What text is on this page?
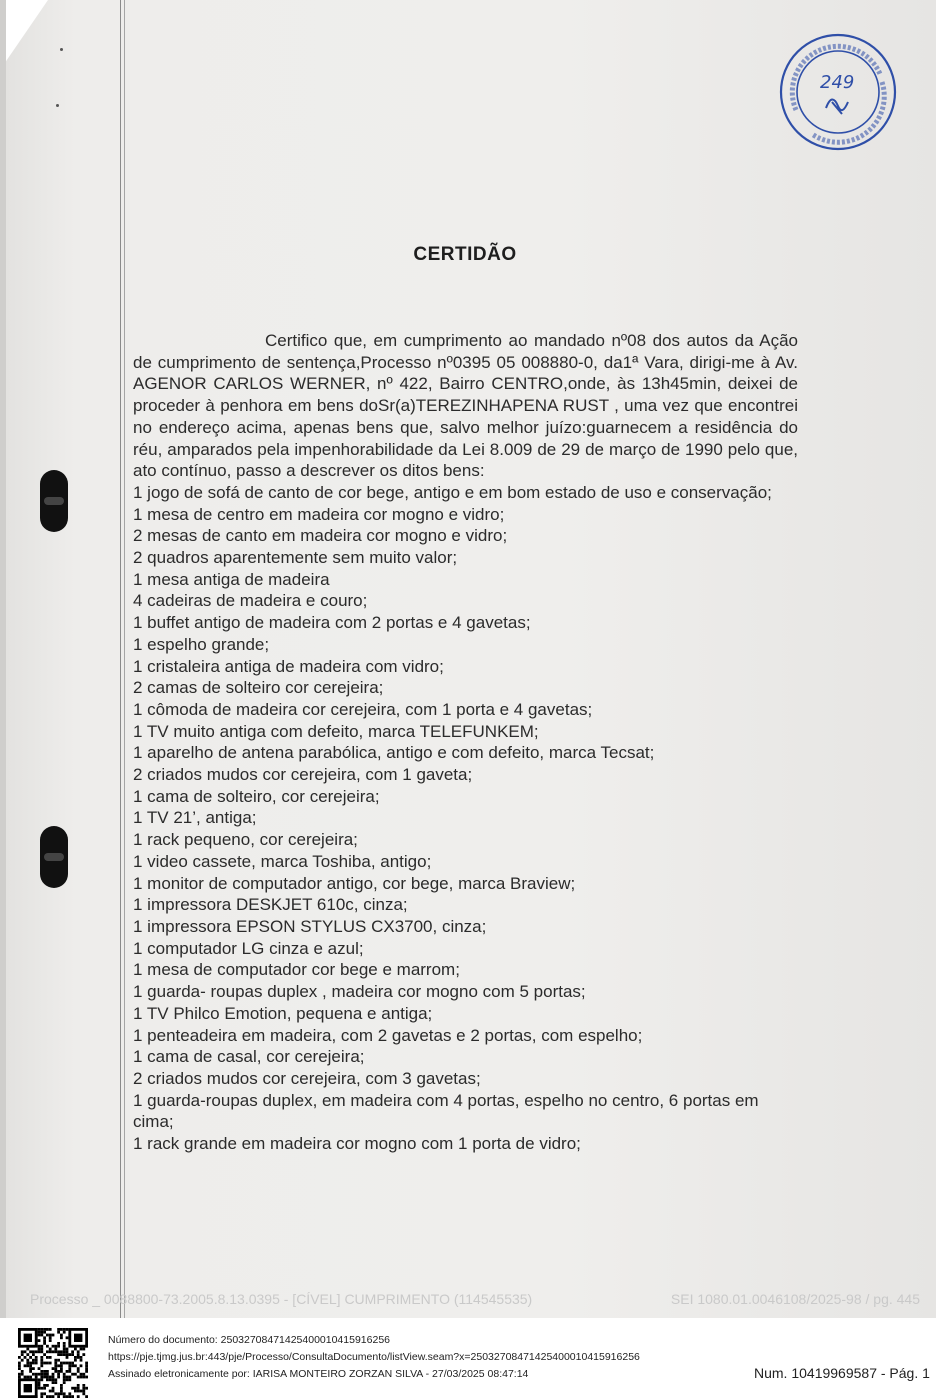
249
CERTIDÃO

Certifico que, em cumprimento ao mandado nº08 dos autos da Ação de cumprimento de sentença,Processo nº0395 05 008880-0, da1ª Vara, dirigi-me à Av. AGENOR CARLOS WERNER, nº 422, Bairro CENTRO,onde, às 13h45min, deixei de proceder à penhora em bens doSr(a)TEREZINHAPENA RUST , uma vez que encontrei no endereço acima, apenas bens que, salvo melhor juízo:guarnecem a residência do réu, amparados pela impenhorabilidade da Lei 8.009 de 29 de março de 1990 pelo que, ato contínuo, passo a descrever os ditos bens:

1 jogo de sofá de canto de cor bege, antigo e em bom estado de uso e conservação;
1 mesa de centro em madeira cor mogno e vidro;
2 mesas de canto em madeira cor mogno e vidro;
2 quadros aparentemente sem muito valor;
1 mesa antiga de madeira
4 cadeiras de madeira e couro;
1 buffet antigo de madeira com 2 portas e 4 gavetas;
1 espelho grande;
1 cristaleira antiga de madeira com vidro;
2 camas de solteiro cor cerejeira;
1 cômoda de madeira cor cerejeira, com 1 porta e 4 gavetas;
1 TV muito antiga com defeito, marca TELEFUNKEM;
1 aparelho de antena parabólica, antigo e com defeito, marca Tecsat;
2 criados mudos cor cerejeira, com 1 gaveta;
1 cama de solteiro, cor cerejeira;
1 TV 21’, antiga;
1 rack pequeno, cor cerejeira;
1 video cassete, marca Toshiba, antigo;
1 monitor de computador antigo, cor bege, marca Braview;
1 impressora DESKJET 610c, cinza;
1 impressora EPSON STYLUS CX3700, cinza;
1 computador LG cinza e azul;
1 mesa de computador cor bege e marrom;
1 guarda- roupas duplex , madeira cor mogno com 5 portas;
1 TV Philco Emotion, pequena e antiga;
1 penteadeira em madeira, com 2 gavetas e 2 portas, com espelho;
1 cama de casal, cor cerejeira;
2 criados mudos cor cerejeira, com 3 gavetas;
1 guarda-roupas duplex, em madeira com 4 portas, espelho no centro, 6 portas em cima;
1 rack grande em madeira cor mogno com 1 porta de vidro;
Processo _ 0088800-73.2005.8.13.0395 - [CÍVEL] CUMPRIMENTO (114545535)	SEI 1080.01.0046108/2025-98 / pg. 445
Número do documento: 25032708471425400010415916256
https://pje.tjmg.jus.br:443/pje/Processo/ConsultaDocumento/listView.seam?x=25032708471425400010415916256
Assinado eletronicamente por: IARISA MONTEIRO ZORZAN SILVA - 27/03/2025 08:47:14	Num. 10419969587 - Pág. 1
